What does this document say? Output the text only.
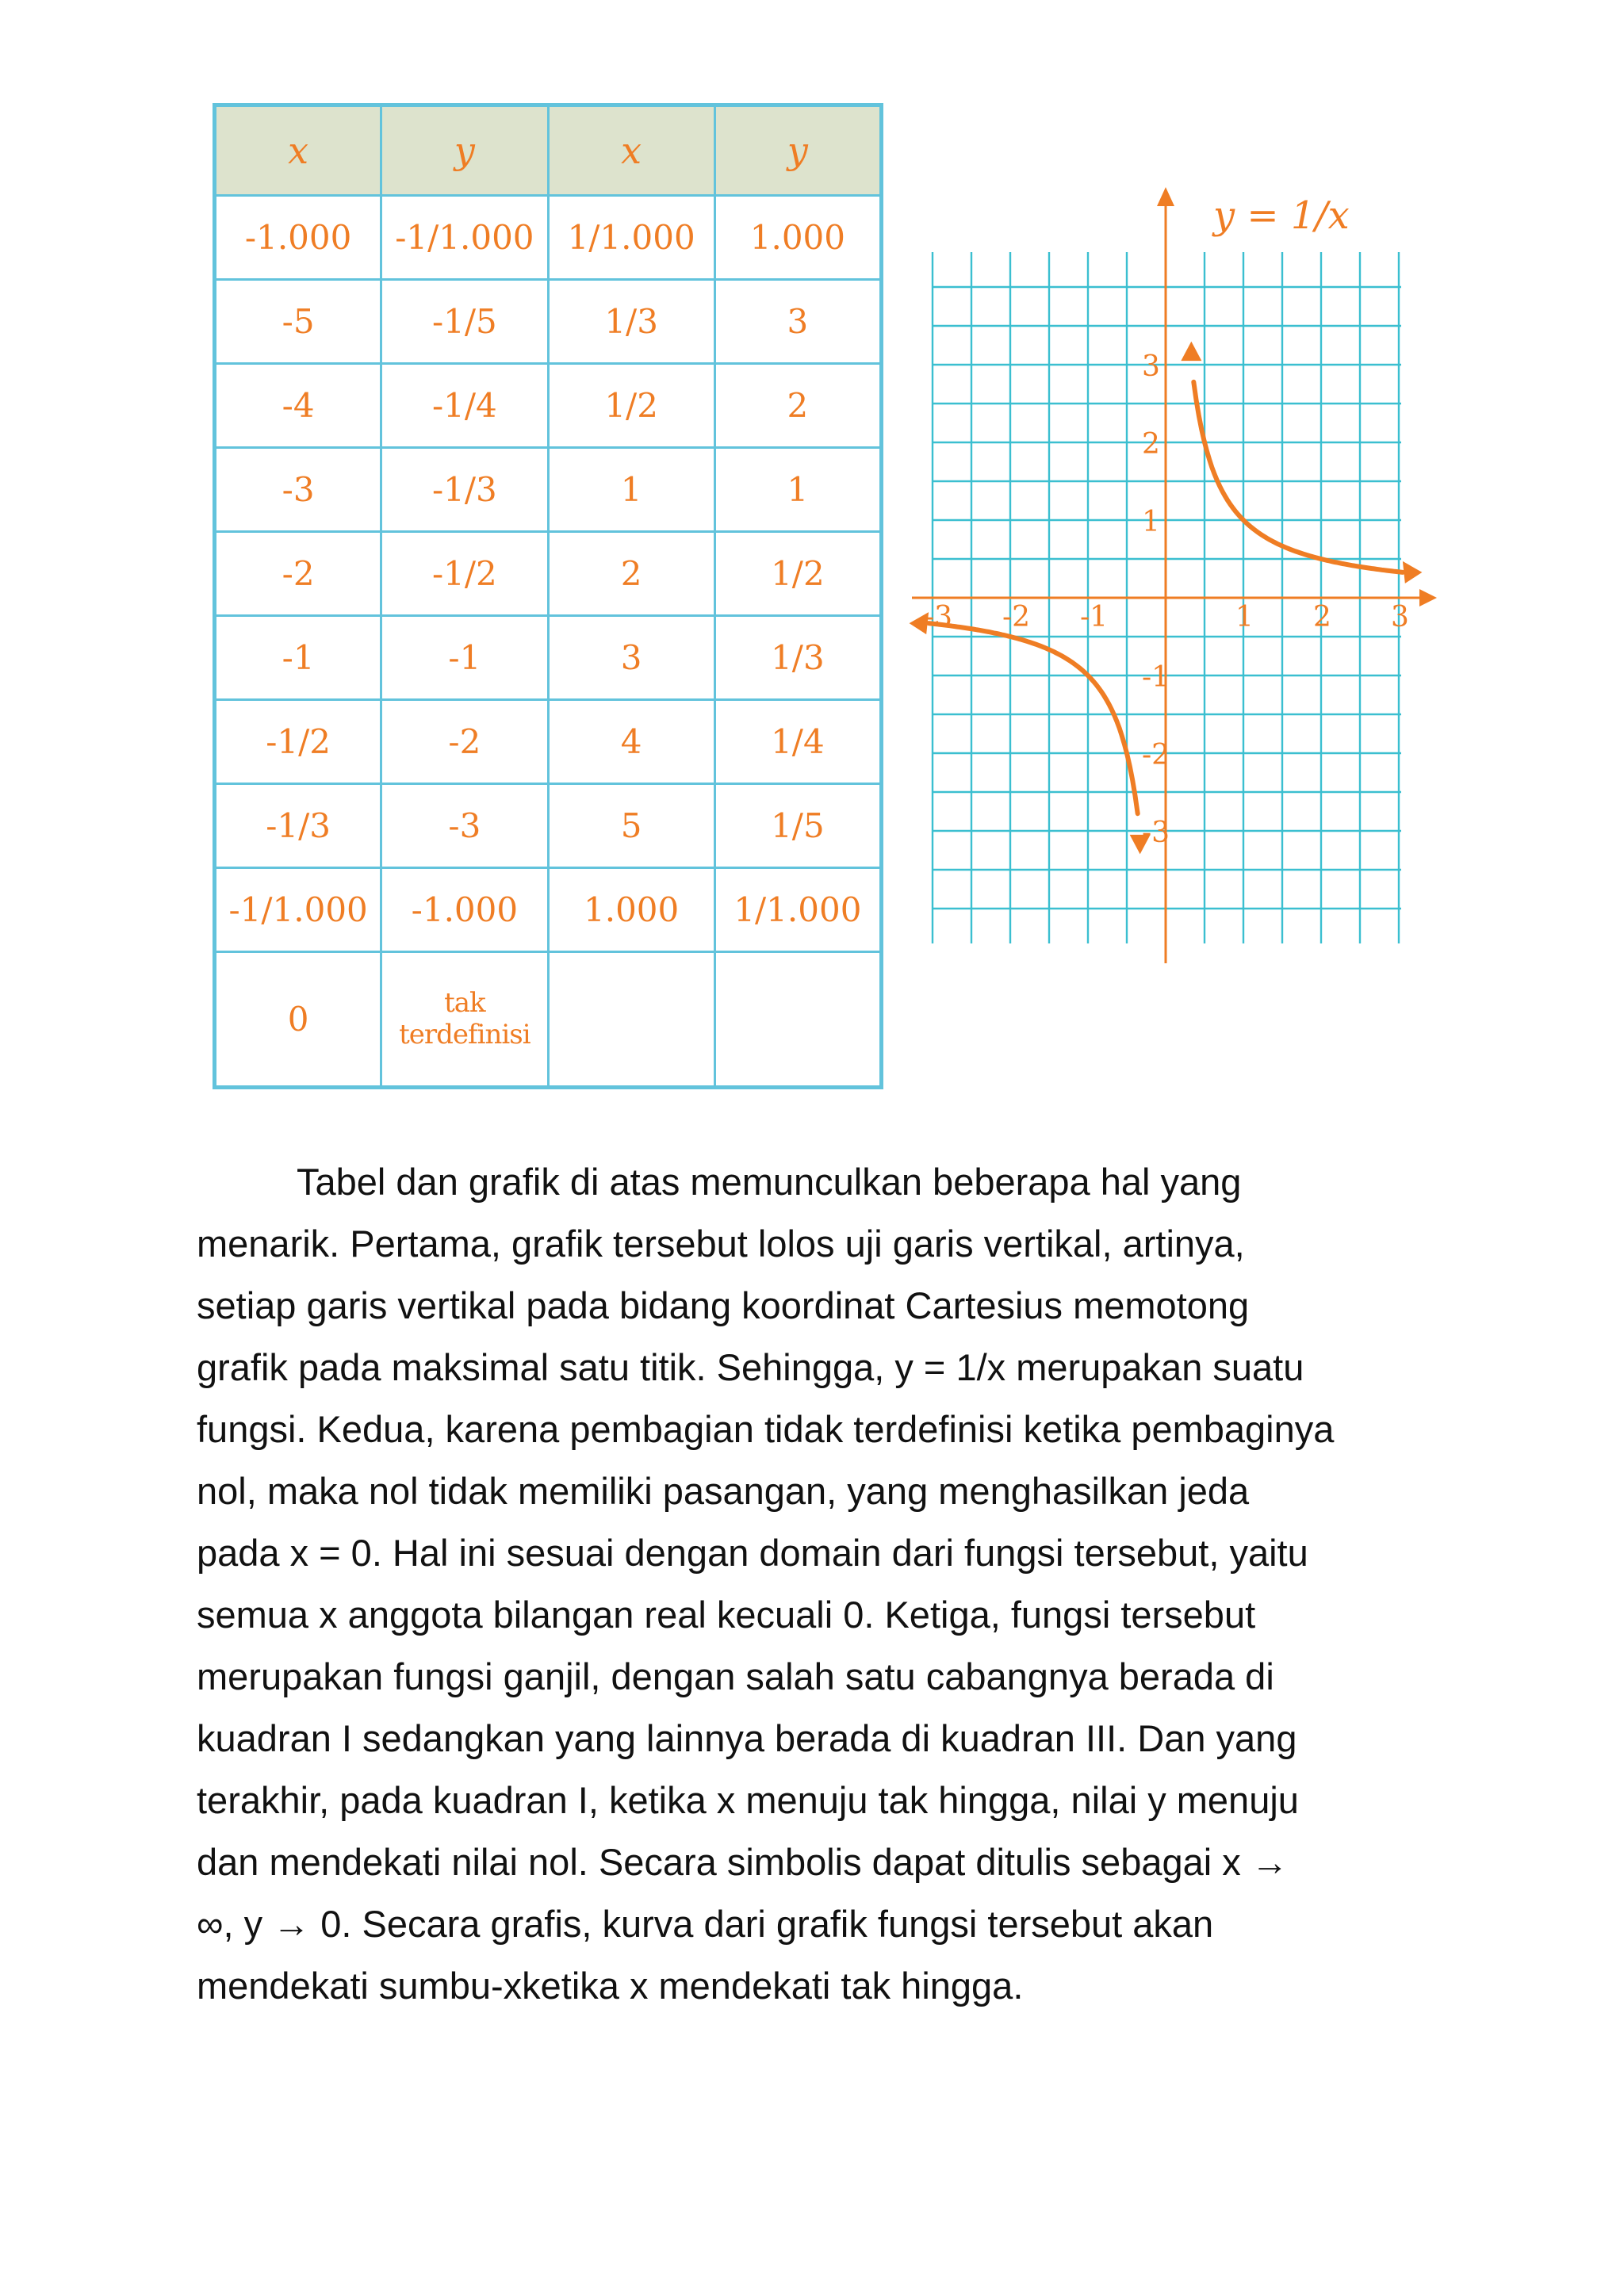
x	y	x	y
-1.000	-1/1.000	1/1.000	1.000
-5	-1/5	1/3	3
-4	-1/4	1/2	2
-3	-1/3	1	1
-2	-1/2	2	1/2
-1	-1	3	1/3
-1/2	-2	4	1/4
-1/3	-3	5	1/5
-1/1.000	-1.000	1.000	1/1.000
0	tak terdefinisi		
-3 -2 -1	1 2 3
3
2
1
-1
-2
-3
y = 1/x
Tabel dan grafik di atas memunculkan beberapa hal yang
menarik. Pertama, grafik tersebut lolos uji garis vertikal, artinya,
setiap garis vertikal pada bidang koordinat Cartesius memotong
grafik pada maksimal satu titik. Sehingga, y = 1/x merupakan suatu
fungsi. Kedua, karena pembagian tidak terdefinisi ketika pembaginya
nol, maka nol tidak memiliki pasangan, yang menghasilkan jeda
pada x = 0. Hal ini sesuai dengan domain dari fungsi tersebut, yaitu
semua x anggota bilangan real kecuali 0. Ketiga, fungsi tersebut
merupakan fungsi ganjil, dengan salah satu cabangnya berada di
kuadran I sedangkan yang lainnya berada di kuadran III. Dan yang
terakhir, pada kuadran I, ketika x menuju tak hingga, nilai y menuju
dan mendekati nilai nol. Secara simbolis dapat ditulis sebagai x →
∞, y → 0. Secara grafis, kurva dari grafik fungsi tersebut akan
mendekati sumbu-xketika x mendekati tak hingga.
